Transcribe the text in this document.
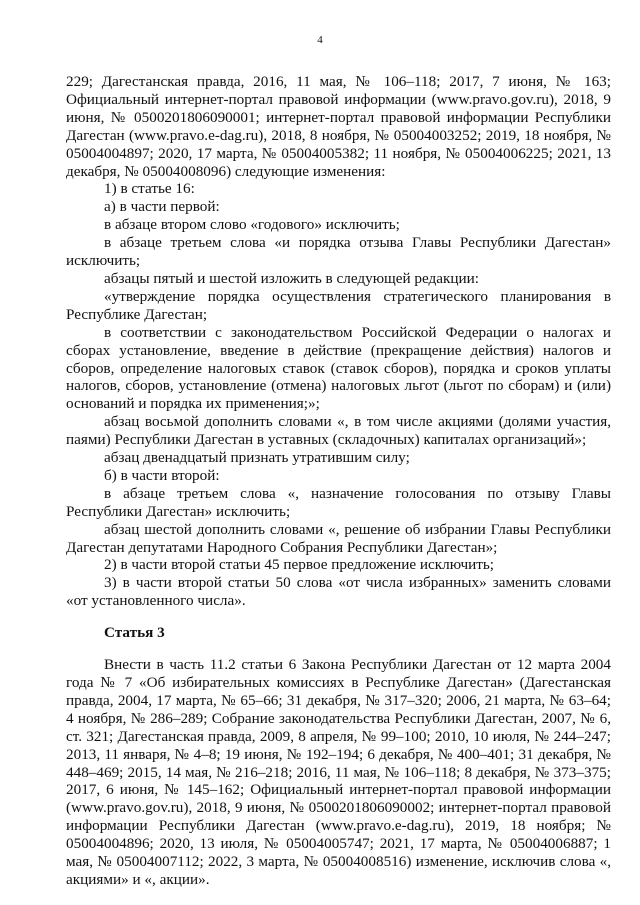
4

229; Дагестанская правда, 2016, 11 мая, № 106–118; 2017, 7 июня, № 163; Официальный интернет-портал правовой информации (www.pravo.gov.ru), 2018, 9 июня, № 0500201806090001; интернет-портал правовой информации Республики Дагестан (www.pravo.e-dag.ru), 2018, 8 ноября, № 05004003252; 2019, 18 ноября, № 05004004897; 2020, 17 марта, № 05004005382; 11 ноября, № 05004006225; 2021, 13 декабря, № 05004008096) следующие изменения:

1) в статье 16:

а) в части первой:

в абзаце втором слово «годового» исключить;

в абзаце третьем слова «и порядка отзыва Главы Республики Дагестан» исключить;

абзацы пятый и шестой изложить в следующей редакции:

«утверждение порядка осуществления стратегического планирования в Республике Дагестан;

в соответствии с законодательством Российской Федерации о налогах и сборах установление, введение в действие (прекращение действия) налогов и сборов, определение налоговых ставок (ставок сборов), порядка и сроков уплаты налогов, сборов, установление (отмена) налоговых льгот (льгот по сборам) и (или) оснований и порядка их применения;»;

абзац восьмой дополнить словами «, в том числе акциями (долями участия, паями) Республики Дагестан в уставных (складочных) капиталах организаций»;

абзац двенадцатый признать утратившим силу;

б) в части второй:

в абзаце третьем слова «, назначение голосования по отзыву Главы Республики Дагестан» исключить;

абзац шестой дополнить словами «, решение об избрании Главы Республики Дагестан депутатами Народного Собрания Республики Дагестан»;

2) в части второй статьи 45 первое предложение исключить;

3) в части второй статьи 50 слова «от числа избранных» заменить словами «от установленного числа».

Статья 3

Внести в часть 11.2 статьи 6 Закона Республики Дагестан от 12 марта 2004 года № 7 «Об избирательных комиссиях в Республике Дагестан» (Дагестанская правда, 2004, 17 марта, № 65–66; 31 декабря, № 317–320; 2006, 21 марта, № 63–64; 4 ноября, № 286–289; Собрание законодательства Республики Дагестан, 2007, № 6, ст. 321; Дагестанская правда, 2009, 8 апреля, № 99–100; 2010, 10 июля, № 244–247; 2013, 11 января, № 4–8; 19 июня, № 192–194; 6 декабря, № 400–401; 31 декабря, № 448–469; 2015, 14 мая, № 216–218; 2016, 11 мая, № 106–118; 8 декабря, № 373–375; 2017, 6 июня, № 145–162; Официальный интернет-портал правовой информации (www.pravo.gov.ru), 2018, 9 июня, № 0500201806090002; интернет-портал правовой информации Республики Дагестан (www.pravo.e-dag.ru), 2019, 18 ноября; № 05004004896; 2020, 13 июля, № 05004005747; 2021, 17 марта, № 05004006887; 1 мая, № 05004007112; 2022, 3 марта, № 05004008516) изменение, исключив слова «, акциями» и «, акции».
